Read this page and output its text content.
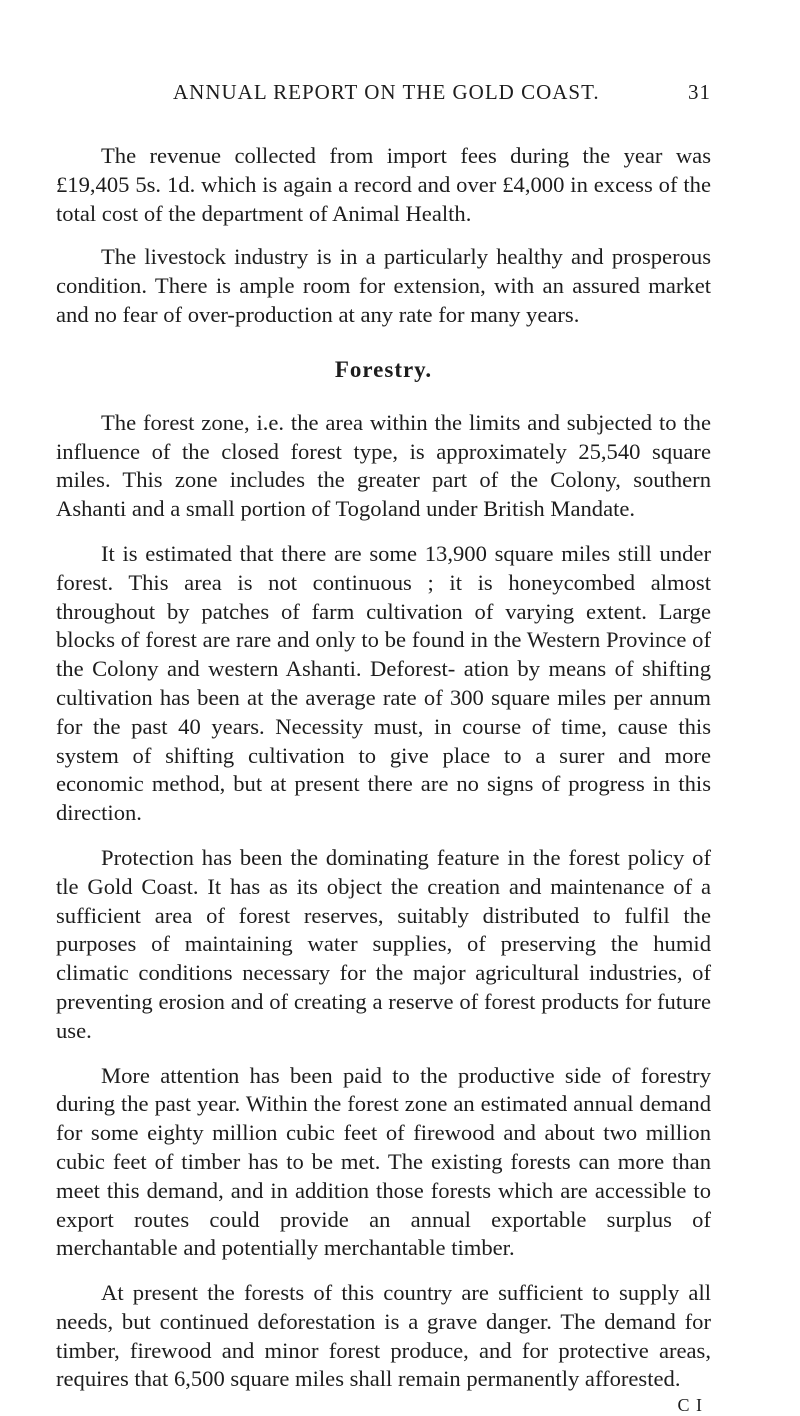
ANNUAL REPORT ON THE GOLD COAST.	31

The revenue collected from import fees during the year was £19,405 5s. 1d. which is again a record and over £4,000 in excess of the total cost of the department of Animal Health.

The livestock industry is in a particularly healthy and prosperous condition. There is ample room for extension, with an assured market and no fear of over-production at any rate for many years.

Forestry.

The forest zone, i.e. the area within the limits and subjected to the influence of the closed forest type, is approximately 25,540 square miles. This zone includes the greater part of the Colony, southern Ashanti and a small portion of Togoland under British Mandate.

It is estimated that there are some 13,900 square miles still under forest. This area is not continuous ; it is honeycombed almost throughout by patches of farm cultivation of varying extent. Large blocks of forest are rare and only to be found in the Western Province of the Colony and western Ashanti. Deforest- ation by means of shifting cultivation has been at the average rate of 300 square miles per annum for the past 40 years. Necessity must, in course of time, cause this system of shifting cultivation to give place to a surer and more economic method, but at present there are no signs of progress in this direction.

Protection has been the dominating feature in the forest policy of tle Gold Coast. It has as its object the creation and maintenance of a sufficient area of forest reserves, suitably distributed to fulfil the purposes of maintaining water supplies, of preserving the humid climatic conditions necessary for the major agricultural industries, of preventing erosion and of creating a reserve of forest products for future use.

More attention has been paid to the productive side of forestry during the past year. Within the forest zone an estimated annual demand for some eighty million cubic feet of firewood and about two million cubic feet of timber has to be met. The existing forests can more than meet this demand, and in addition those forests which are accessible to export routes could provide an annual exportable surplus of merchantable and potentially merchantable timber.

At present the forests of this country are sufficient to supply all needs, but continued deforestation is a grave danger. The demand for timber, firewood and minor forest produce, and for protective areas, requires that 6,500 square miles shall remain permanently afforested.

C I
